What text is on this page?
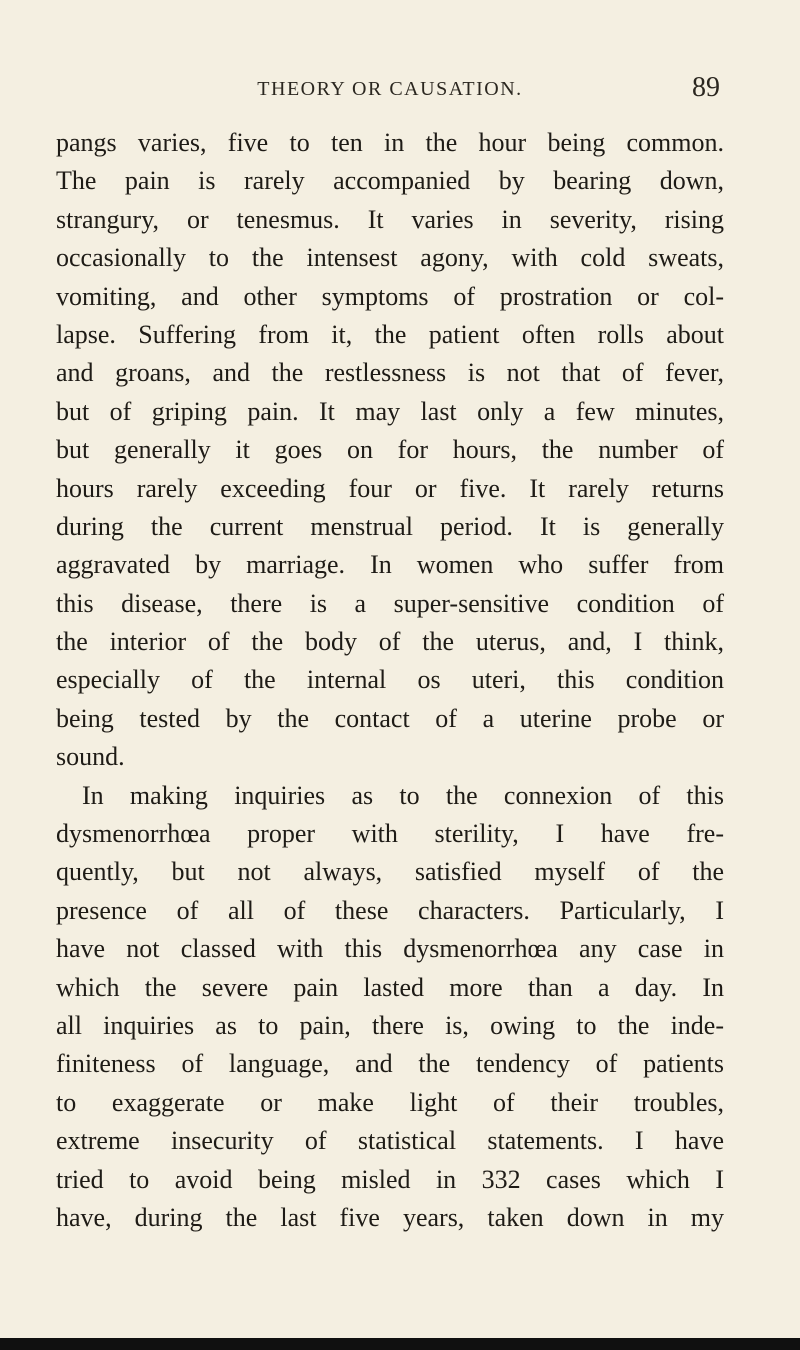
THEORY OR CAUSATION.	89
pangs varies, five to ten in the hour being common.
The pain is rarely accompanied by bearing down,
strangury, or tenesmus. It varies in severity, rising
occasionally to the intensest agony, with cold sweats,
vomiting, and other symptoms of prostration or col-
lapse. Suffering from it, the patient often rolls about
and groans, and the restlessness is not that of fever,
but of griping pain. It may last only a few minutes,
but generally it goes on for hours, the number of
hours rarely exceeding four or five. It rarely returns
during the current menstrual period. It is generally
aggravated by marriage. In women who suffer from
this disease, there is a super-sensitive condition of
the interior of the body of the uterus, and, I think,
especially of the internal os uteri, this condition
being tested by the contact of a uterine probe or
sound.
In making inquiries as to the connexion of this
dysmenorrhœa proper with sterility, I have fre-
quently, but not always, satisfied myself of the
presence of all of these characters. Particularly, I
have not classed with this dysmenorrhœa any case in
which the severe pain lasted more than a day. In
all inquiries as to pain, there is, owing to the inde-
finiteness of language, and the tendency of patients
to exaggerate or make light of their troubles,
extreme insecurity of statistical statements. I have
tried to avoid being misled in 332 cases which I
have, during the last five years, taken down in my
